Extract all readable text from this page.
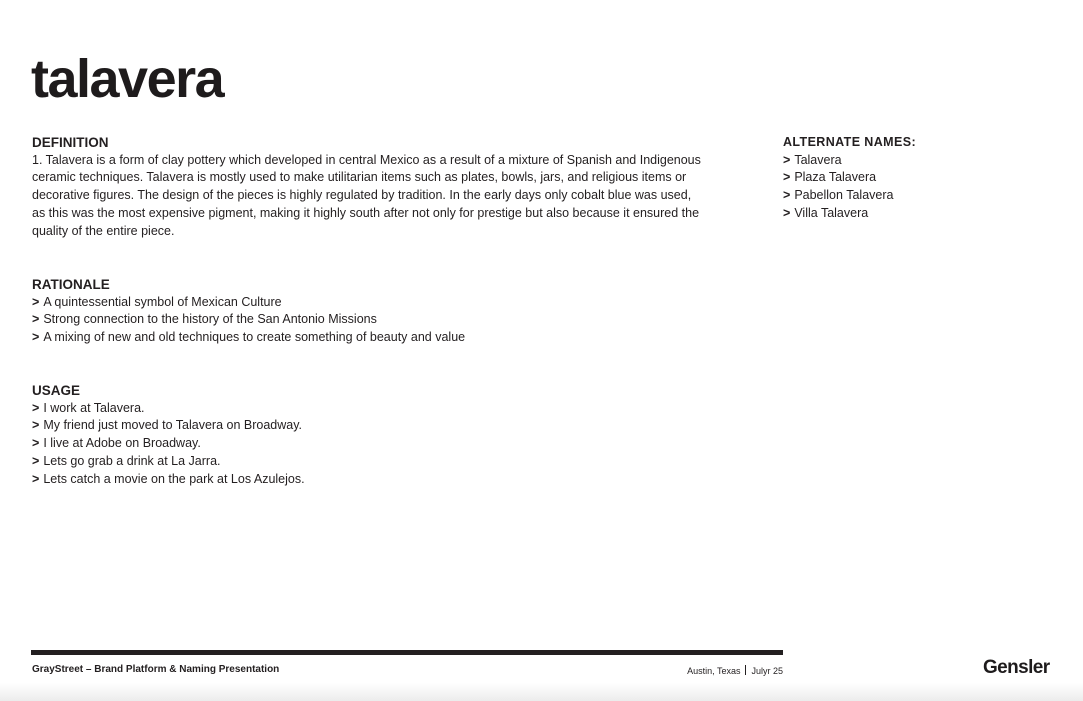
talavera
DEFINITION

1. Talavera is a form of clay pottery which developed in central Mexico as a result of a mixture of Spanish and Indigenous ceramic techniques. Talavera is mostly used to make utilitarian items such as plates, bowls, jars, and religious items or decorative figures. The design of the pieces is highly regulated by tradition. In the early days only cobalt blue was used, as this was the most expensive pigment, making it highly south after not only for prestige but also because it ensured the quality of the entire piece.

RATIONALE
> A quintessential symbol of Mexican Culture
> Strong connection to the history of the San Antonio Missions
> A mixing of new and old techniques to create something of beauty and value
USAGE
> I work at Talavera.
> My friend just moved to Talavera on Broadway.
> I live at Adobe on Broadway.
> Lets go grab a drink at La Jarra.
> Lets catch a movie on the park at Los Azulejos.
ALTERNATE NAMES:
> Talavera
> Plaza Talavera
> Pabellon Talavera
> Villa Talavera
GrayStreet – Brand Platform & Naming Presentation	Austin, Texas Julyr 25	Gensler
